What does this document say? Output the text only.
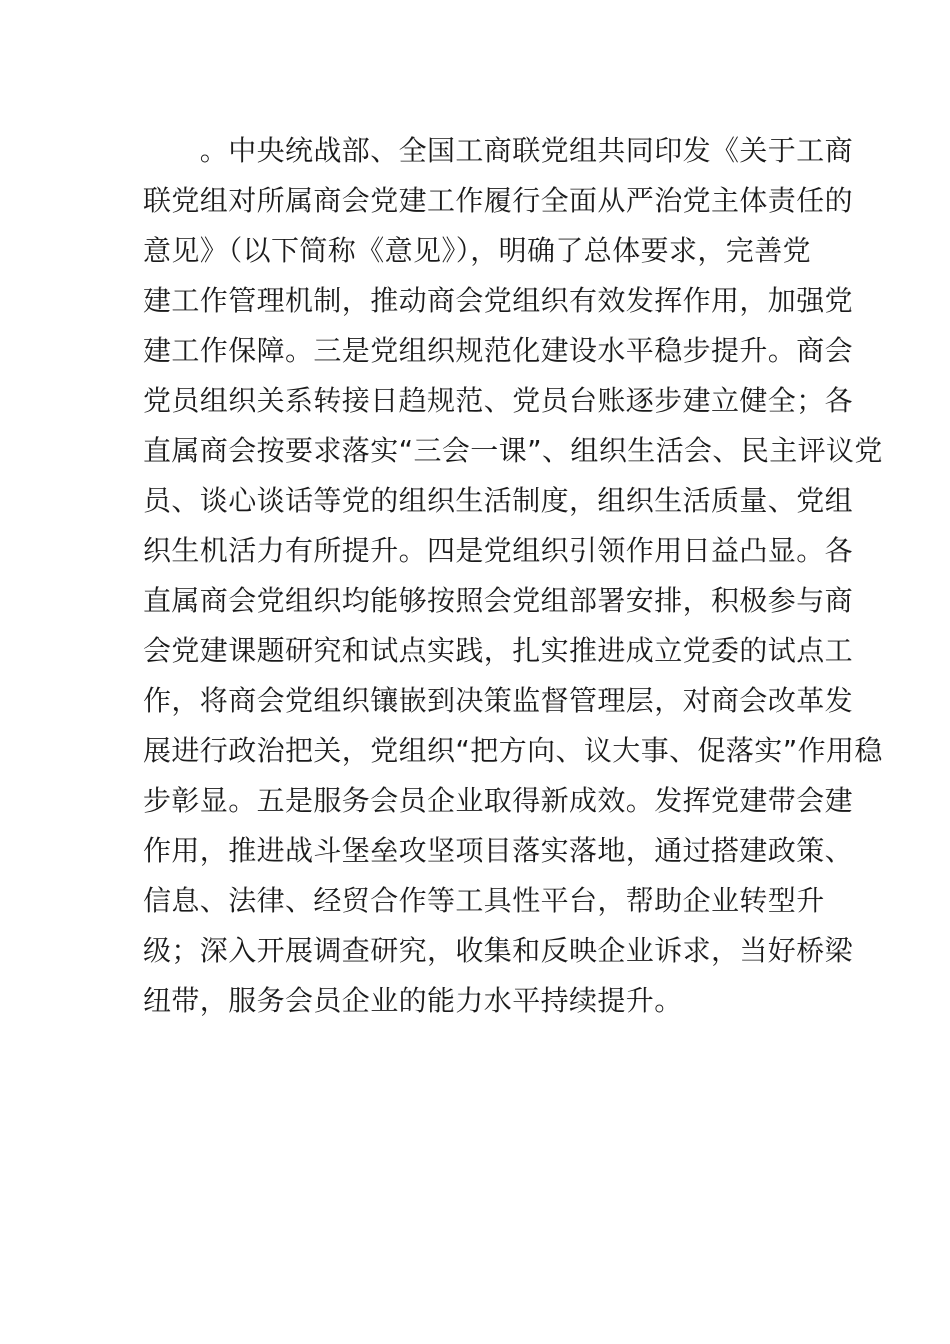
　　。中央统战部、全国工商联党组共同印发《关于工商
联党组对所属商会党建工作履行全面从严治党主体责任的
意见》（以下简称《意见》），明确了总体要求，完善党
建工作管理机制，推动商会党组织有效发挥作用，加强党
建工作保障。三是党组织规范化建设水平稳步提升。商会
党员组织关系转接日趋规范、党员台账逐步建立健全；各
直属商会按要求落实“三会一课”、组织生活会、民主评议党
员、谈心谈话等党的组织生活制度，组织生活质量、党组
织生机活力有所提升。四是党组织引领作用日益凸显。各
直属商会党组织均能够按照会党组部署安排，积极参与商
会党建课题研究和试点实践，扎实推进成立党委的试点工
作，将商会党组织镶嵌到决策监督管理层，对商会改革发
展进行政治把关，党组织“把方向、议大事、促落实”作用稳
步彰显。五是服务会员企业取得新成效。发挥党建带会建
作用，推进战斗堡垒攻坚项目落实落地，通过搭建政策、
信息、法律、经贸合作等工具性平台，帮助企业转型升
级；深入开展调查研究，收集和反映企业诉求，当好桥梁
纽带，服务会员企业的能力水平持续提升。
